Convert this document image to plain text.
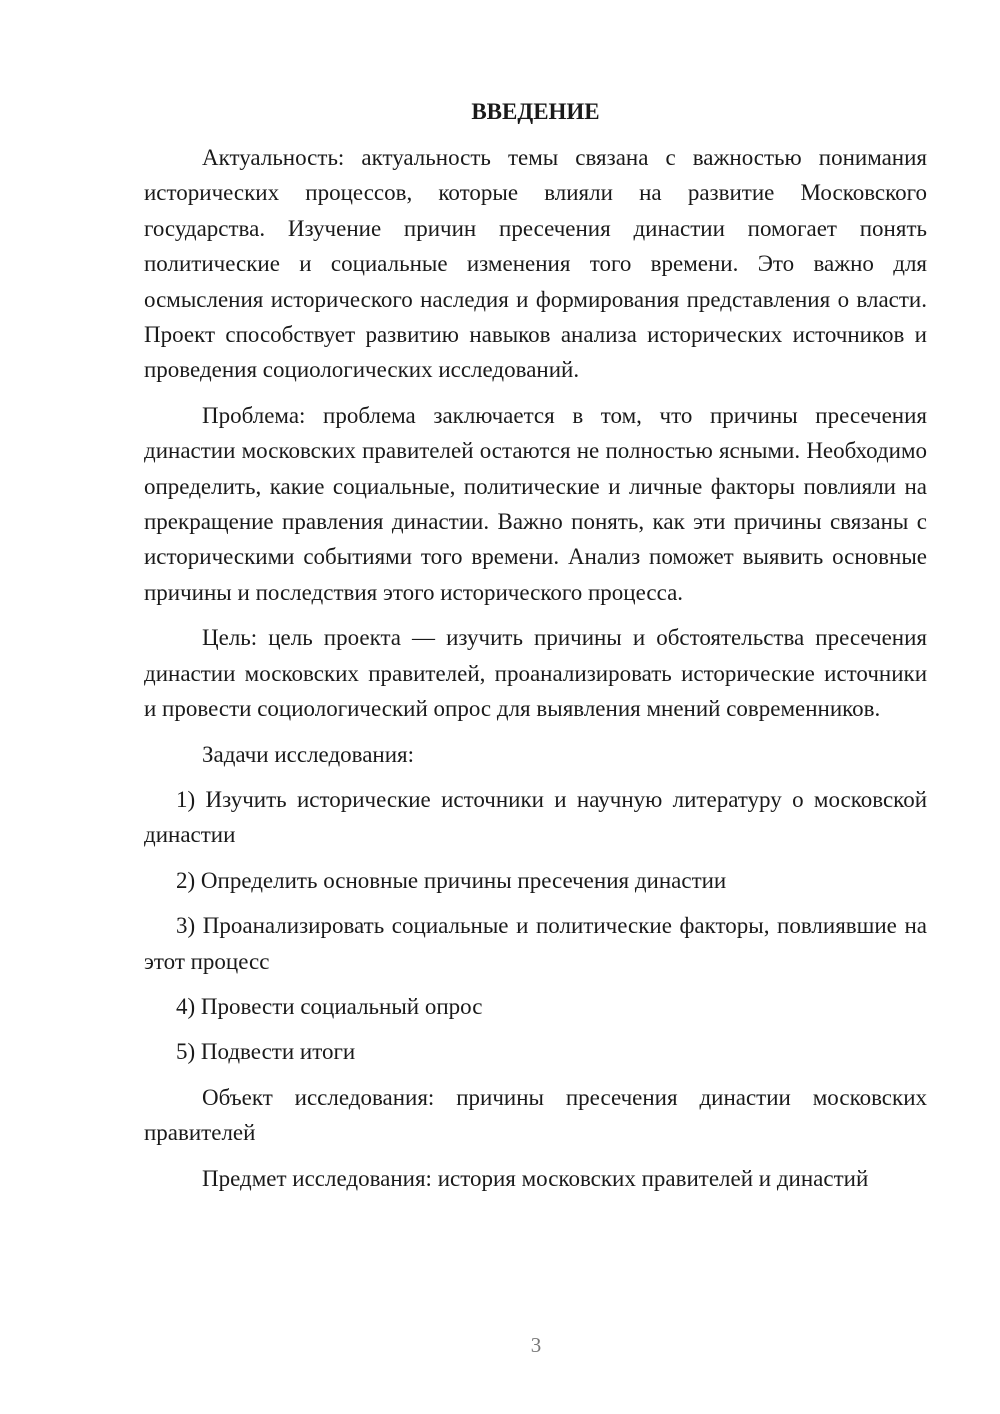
ВВЕДЕНИЕ

Актуальность: актуальность темы связана с важностью понимания исторических процессов, которые влияли на развитие Московского государства. Изучение причин пресечения династии помогает понять политические и социальные изменения того времени. Это важно для осмысления исторического наследия и формирования представления о власти. Проект способствует развитию навыков анализа исторических источников и проведения социологических исследований.

Проблема: проблема заключается в том, что причины пресечения династии московских правителей остаются не полностью ясными. Необходимо определить, какие социальные, политические и личные факторы повлияли на прекращение правления династии. Важно понять, как эти причины связаны с историческими событиями того времени. Анализ поможет выявить основные причины и последствия этого исторического процесса.

Цель: цель проекта — изучить причины и обстоятельства пресечения династии московских правителей, проанализировать исторические источники и провести социологический опрос для выявления мнений современников.

Задачи исследования:

1) Изучить исторические источники и научную литературу о московской династии

2) Определить основные причины пресечения династии

3) Проанализировать социальные и политические факторы, повлиявшие на этот процесс

4) Провести социальный опрос

5) Подвести итоги

Объект исследования: причины пресечения династии московских правителей

Предмет исследования: история московских правителей и династий

3
